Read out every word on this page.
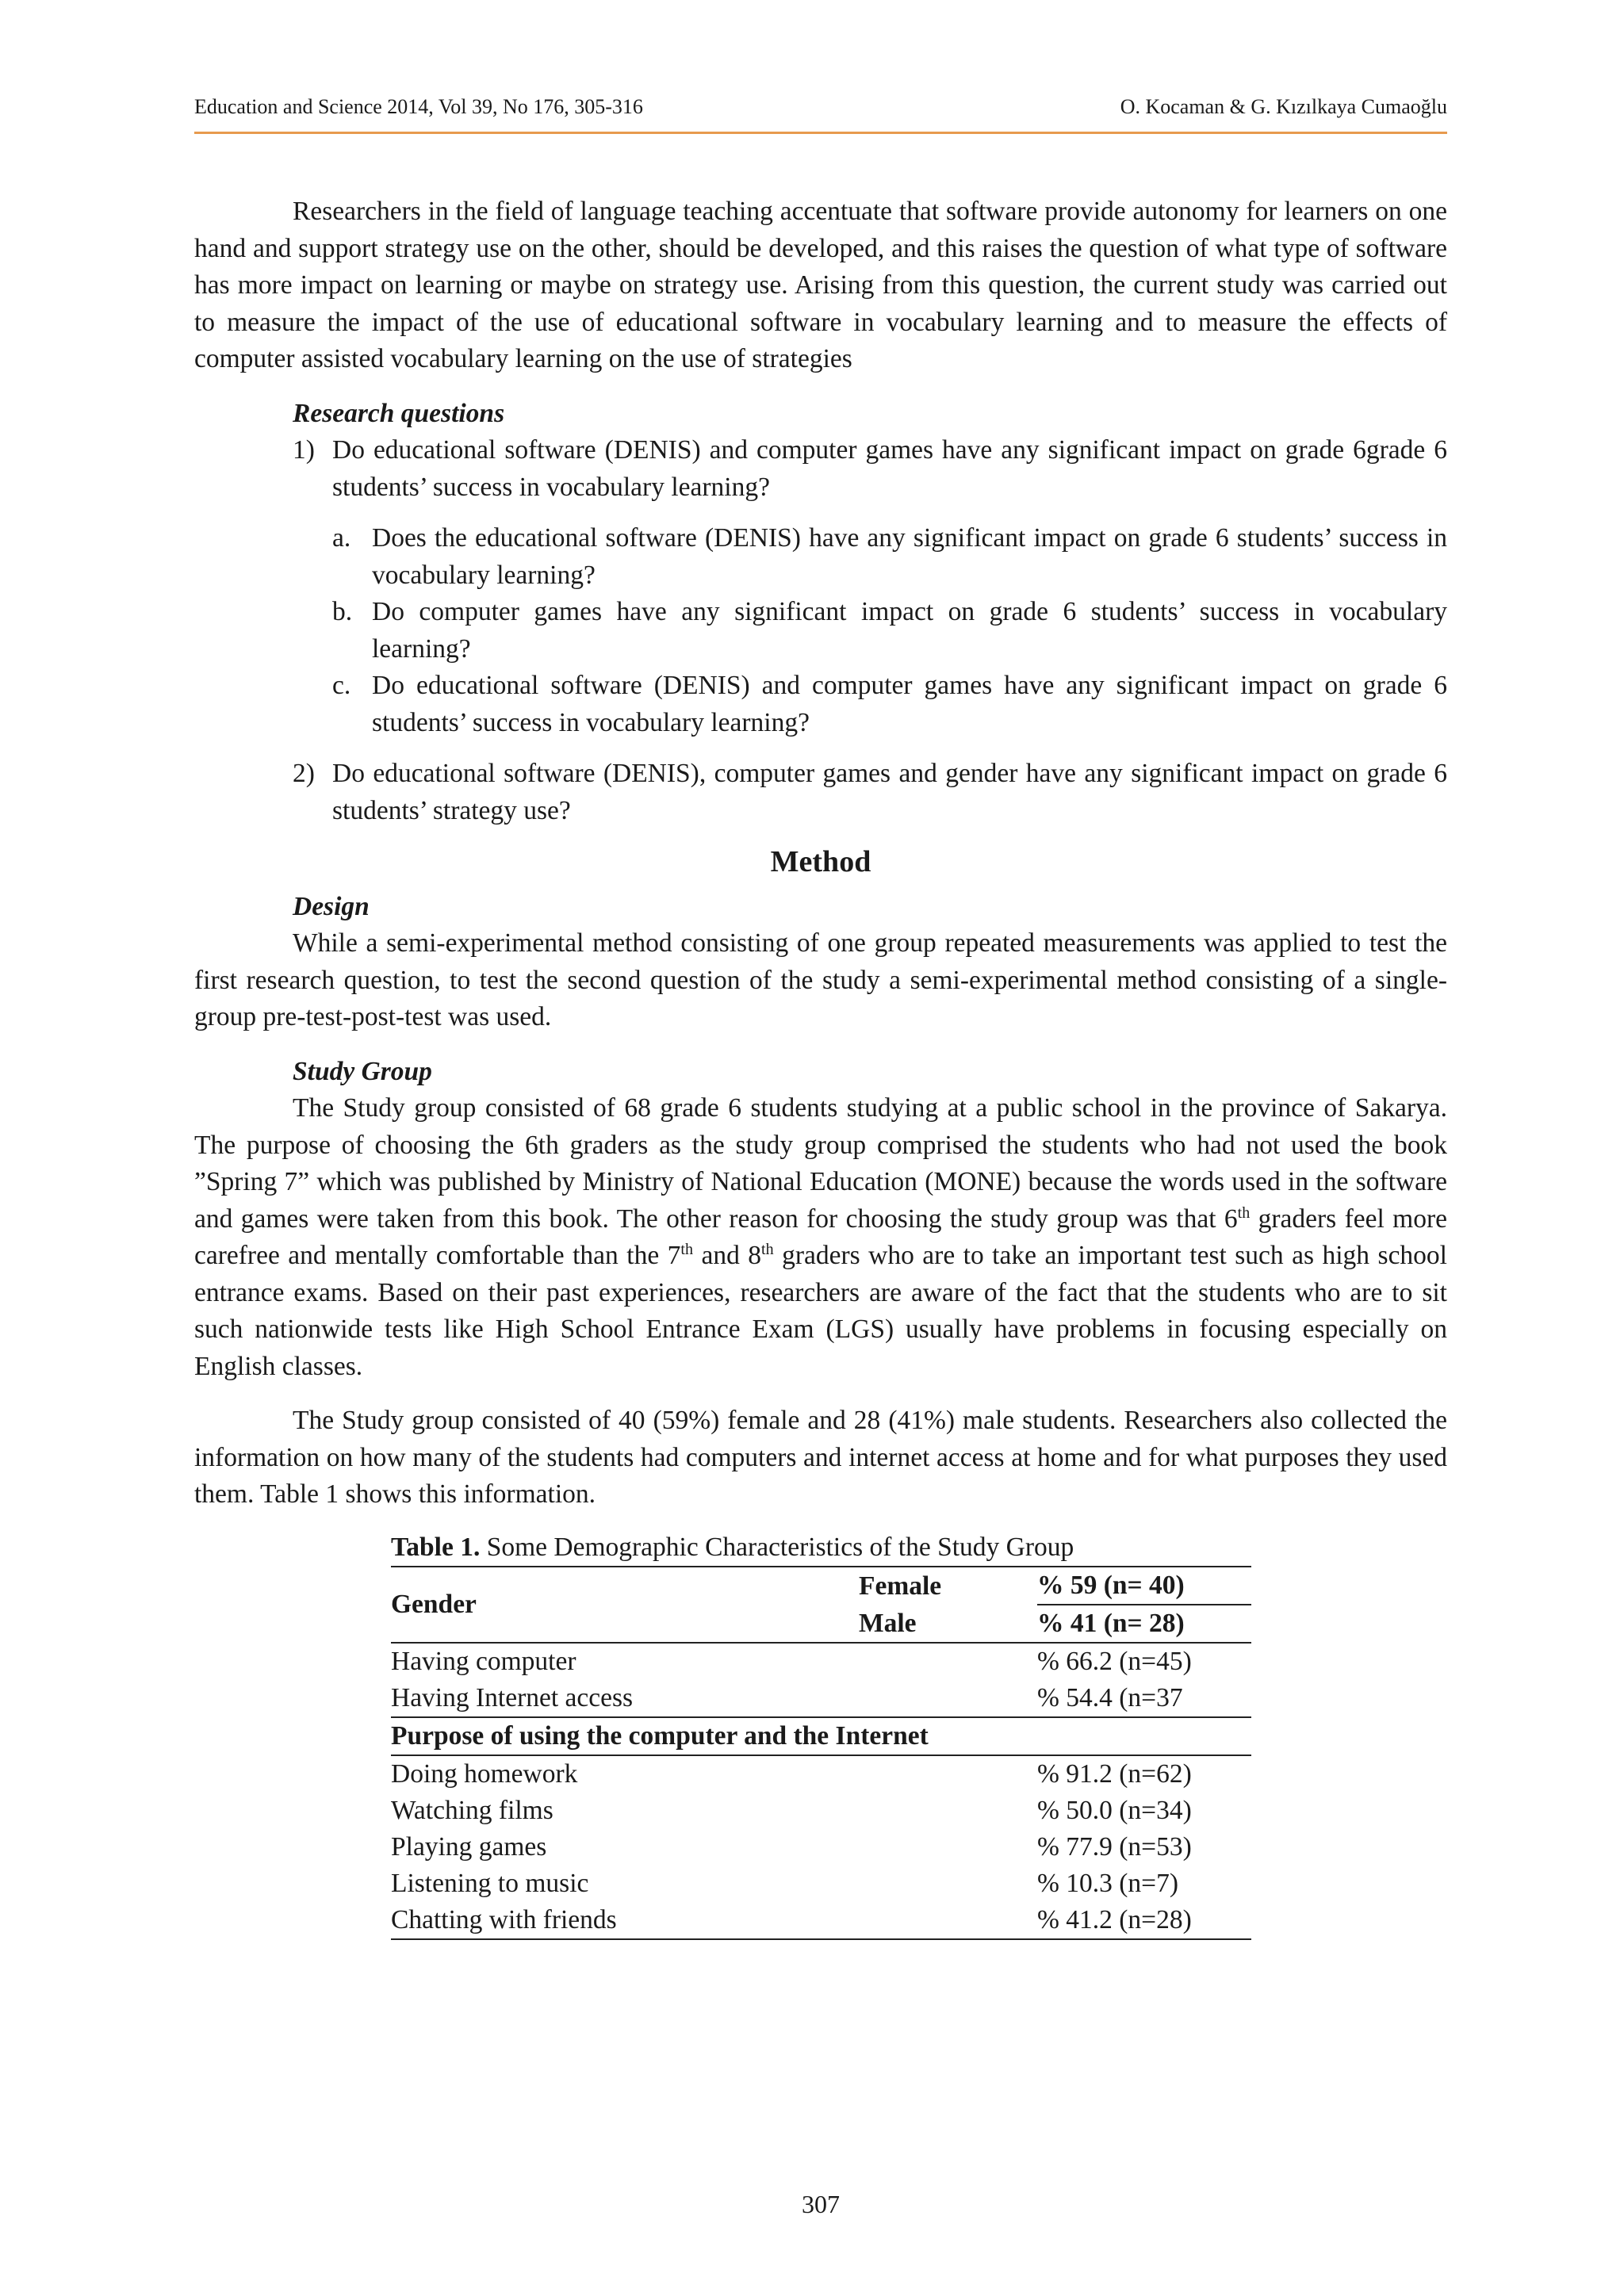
Education and Science 2014, Vol 39, No 176, 305-316	O. Kocaman & G. Kızılkaya Cumaoğlu

Researchers in the field of language teaching accentuate that software provide autonomy for learners on one hand and support strategy use on the other, should be developed, and this raises the question of what type of software has more impact on learning or maybe on strategy use. Arising from this question, the current study was carried out to measure the impact of the use of educational software in vocabulary learning and to measure the effects of computer assisted vocabulary learning on the use of strategies

Research questions
1) Do educational software (DENIS) and computer games have any significant impact on grade 6grade 6 students’ success in vocabulary learning?
a. Does the educational software (DENIS) have any significant impact on grade 6 students’ success in vocabulary learning?
b. Do computer games have any significant impact on grade 6 students’ success in vocabulary learning?
c. Do educational software (DENIS) and computer games have any significant impact on grade 6 students’ success in vocabulary learning?
2) Do educational software (DENIS), computer games and gender have any significant impact on grade 6 students’ strategy use?
Method
Design

While a semi-experimental method consisting of one group repeated measurements was applied to test the first research question, to test the second question of the study a semi-experimental method consisting of a single-group pre-test-post-test was used.

Study Group

The Study group consisted of 68 grade 6 students studying at a public school in the province of Sakarya. The purpose of choosing the 6th graders as the study group comprised the students who had not used the book ”Spring 7” which was published by Ministry of National Education (MONE) because the words used in the software and games were taken from this book. The other reason for choosing the study group was that 6th graders feel more carefree and mentally comfortable than the 7th and 8th graders who are to take an important test such as high school entrance exams. Based on their past experiences, researchers are aware of the fact that the students who are to sit such nationwide tests like High School Entrance Exam (LGS) usually have problems in focusing especially on English classes.

The Study group consisted of 40 (59%) female and 28 (41%) male students. Researchers also collected the information on how many of the students had computers and internet access at home and for what purposes they used them. Table 1 shows this information.

Table 1. Some Demographic Characteristics of the Study Group
Gender	Female	% 59 (n= 40)
	Male	% 41 (n= 28)
Having computer		% 66.2 (n=45)
Having Internet access		% 54.4 (n=37
Purpose of using the computer and the Internet		
Doing homework		% 91.2 (n=62)
Watching films		% 50.0 (n=34)
Playing games		% 77.9 (n=53)
Listening to music		% 10.3 (n=7)
Chatting with friends		% 41.2 (n=28)
307
